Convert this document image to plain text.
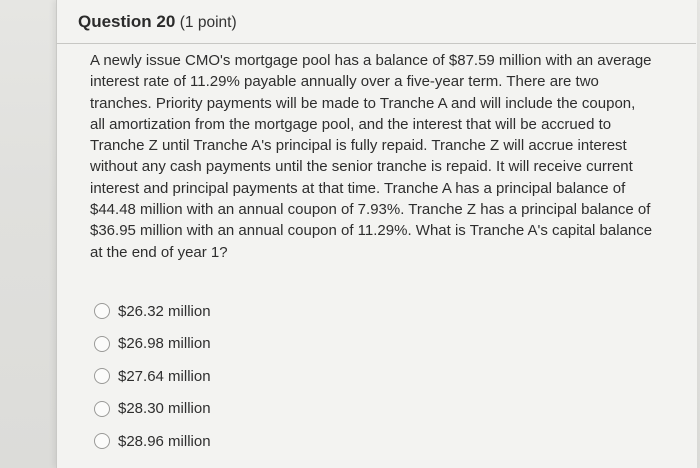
Question 20 (1 point)
A newly issue CMO's mortgage pool has a balance of $87.59 million with an average
interest rate of 11.29% payable annually over a five-year term. There are two
tranches. Priority payments will be made to Tranche A and will include the coupon,
all amortization from the mortgage pool, and the interest that will be accrued to
Tranche Z until Tranche A's principal is fully repaid. Tranche Z will accrue interest
without any cash payments until the senior tranche is repaid. It will receive current
interest and principal payments at that time. Tranche A has a principal balance of
$44.48 million with an annual coupon of 7.93%. Tranche Z has a principal balance of
$36.95 million with an annual coupon of 11.29%. What is Tranche A's capital balance
at the end of year 1?
$26.32 million
$26.98 million
$27.64 million
$28.30 million
$28.96 million
